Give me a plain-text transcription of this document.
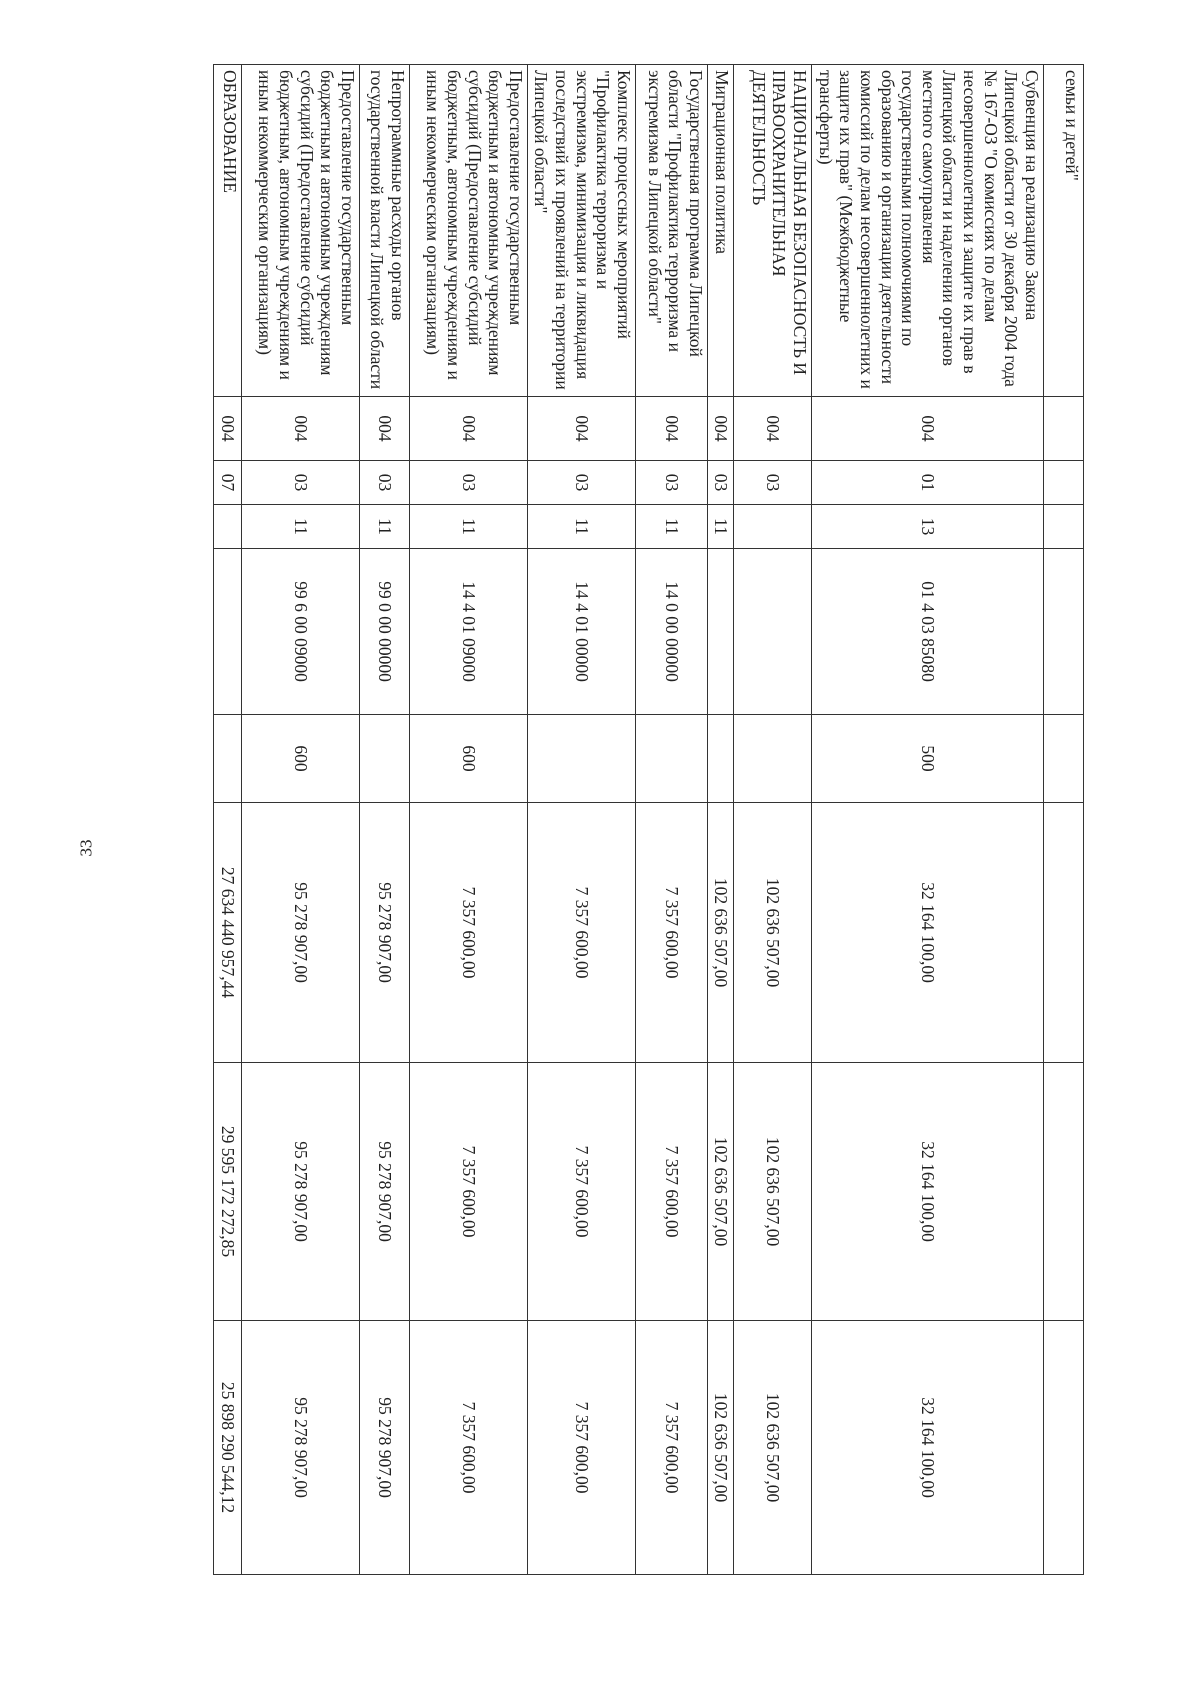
33
семьи и детей"								
Субвенция на реализацию Закона Липецкой области от 30 декабря 2004 года № 167-ОЗ "О комиссиях по делам несовершеннолетних и защите их прав в Липецкой области и наделении органов местного самоуправления государственными полномочиями по образованию и организации деятельности комиссий по делам несовершеннолетних и защите их прав" (Межбюджетные трансферты)	004	01	13	01 4 03 85080	500	32 164 100,00	32 164 100,00	32 164 100,00
НАЦИОНАЛЬНАЯ БЕЗОПАСНОСТЬ И ПРАВООХРАНИТЕЛЬНАЯ ДЕЯТЕЛЬНОСТЬ	004	03				102 636 507,00	102 636 507,00	102 636 507,00
Миграционная политика	004	03	11			102 636 507,00	102 636 507,00	102 636 507,00
Государственная программа Липецкой области "Профилактика терроризма и экстремизма в Липецкой области"	004	03	11	14 0 00 00000		7 357 600,00	7 357 600,00	7 357 600,00
Комплекс процессных мероприятий "Профилактика терроризма и экстремизма, минимизация и ликвидация последствий их проявлений на территории Липецкой области"	004	03	11	14 4 01 00000		7 357 600,00	7 357 600,00	7 357 600,00
Предоставление государственным бюджетным и автономным учреждениям субсидий (Предоставление субсидий бюджетным, автономным учреждениям и иным некоммерческим организациям)	004	03	11	14 4 01 09000	600	7 357 600,00	7 357 600,00	7 357 600,00
Непрограммные расходы органов государственной власти Липецкой области	004	03	11	99 0 00 00000		95 278 907,00	95 278 907,00	95 278 907,00
Предоставление государственным бюджетным и автономным учреждениям субсидий (Предоставление субсидий бюджетным, автономным учреждениям и иным некоммерческим организациям)	004	03	11	99 6 00 09000	600	95 278 907,00	95 278 907,00	95 278 907,00
ОБРАЗОВАНИЕ	004	07				27 634 440 957,44	29 595 172 272,85	25 898 290 544,12
